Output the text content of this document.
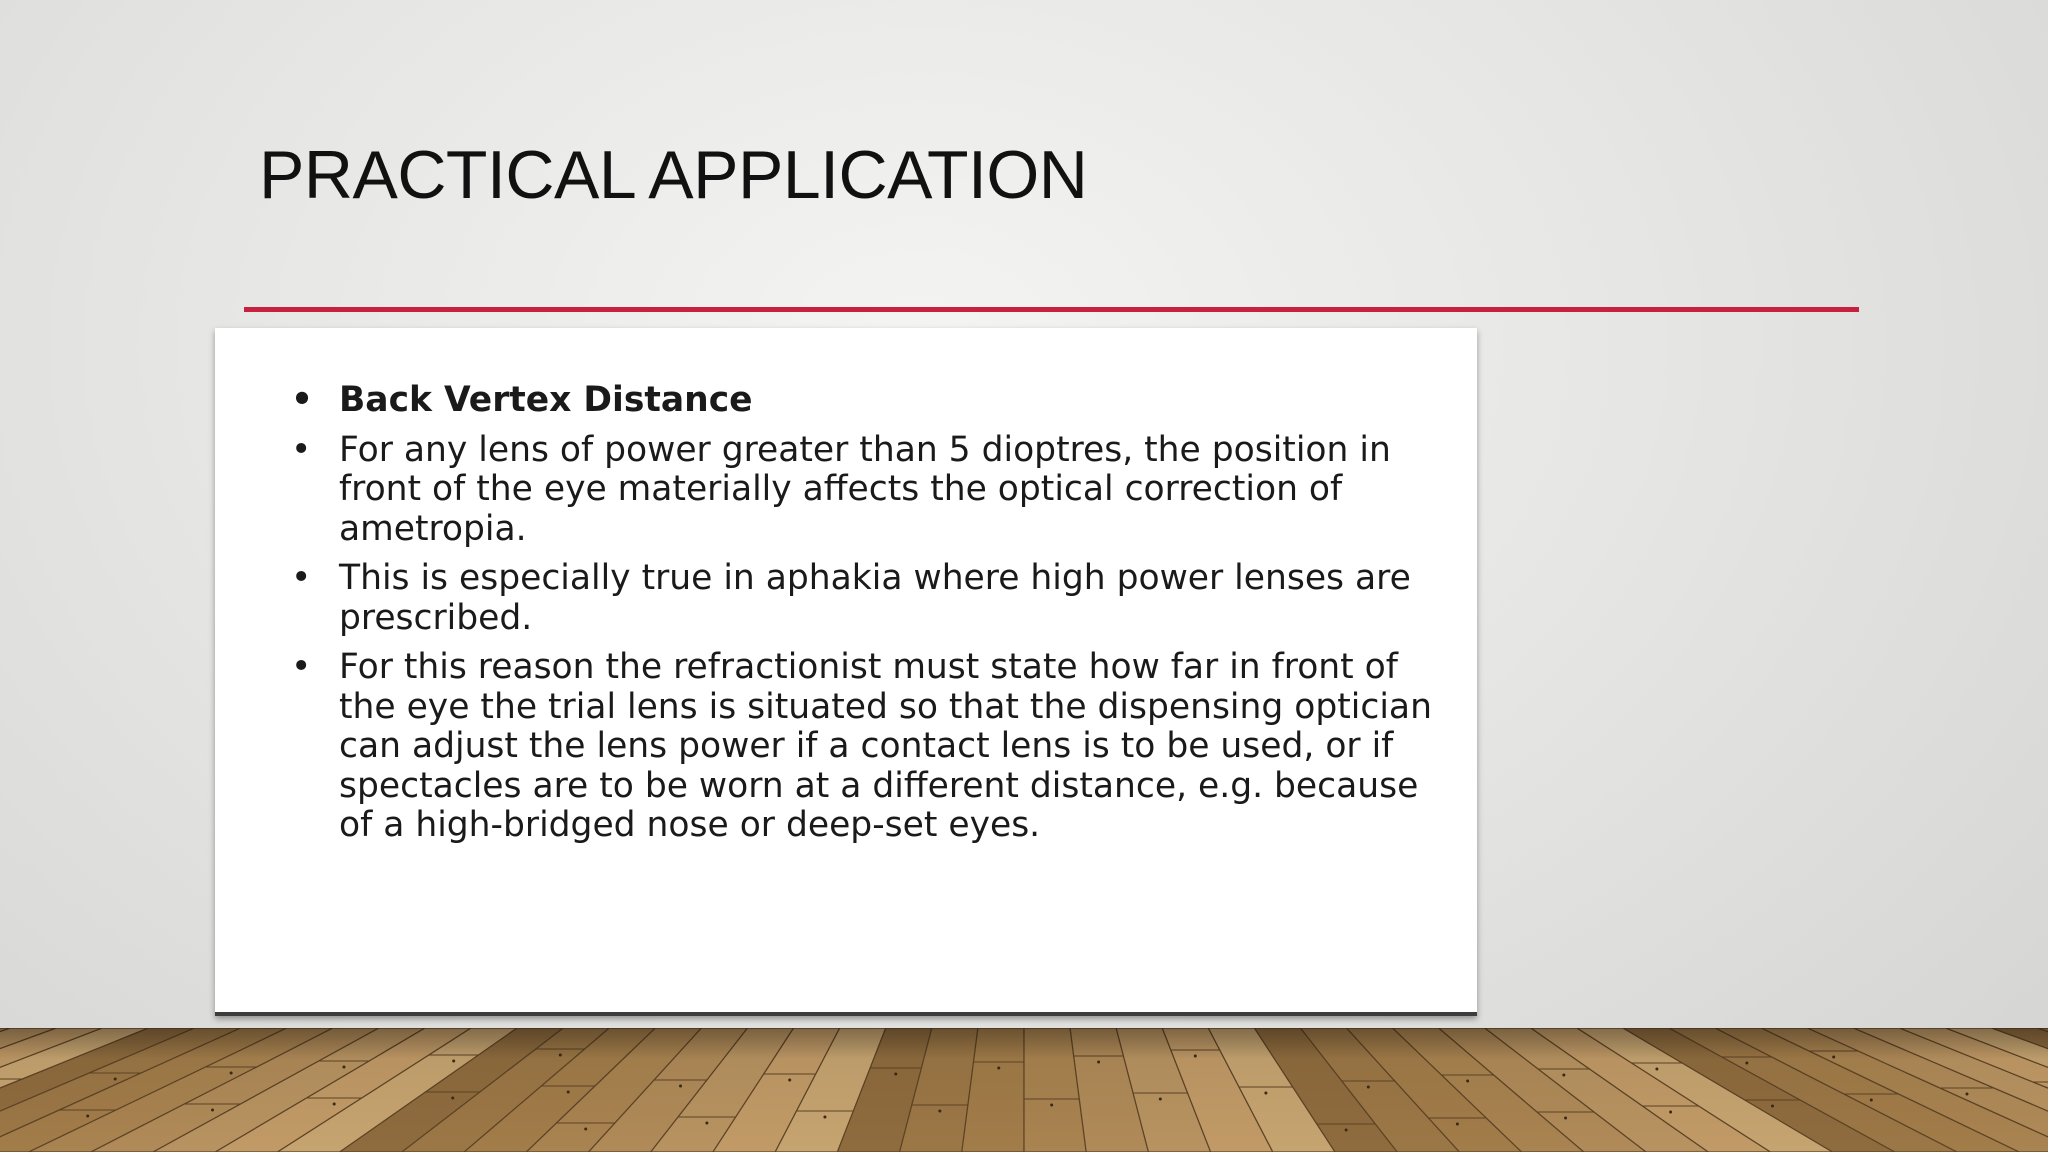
PRACTICAL APPLICATION
• Back Vertex Distance
• For any lens of power greater than 5 dioptres, the position in front of the eye materially affects the optical correction of ametropia.
• This is especially true in aphakia where high power lenses are prescribed.
• For this reason the refractionist must state how far in front of the eye the trial lens is situated so that the dispensing optician can adjust the lens power if a contact lens is to be used, or if spectacles are to be worn at a different distance, e.g. because of a high-bridged nose or deep-set eyes.
